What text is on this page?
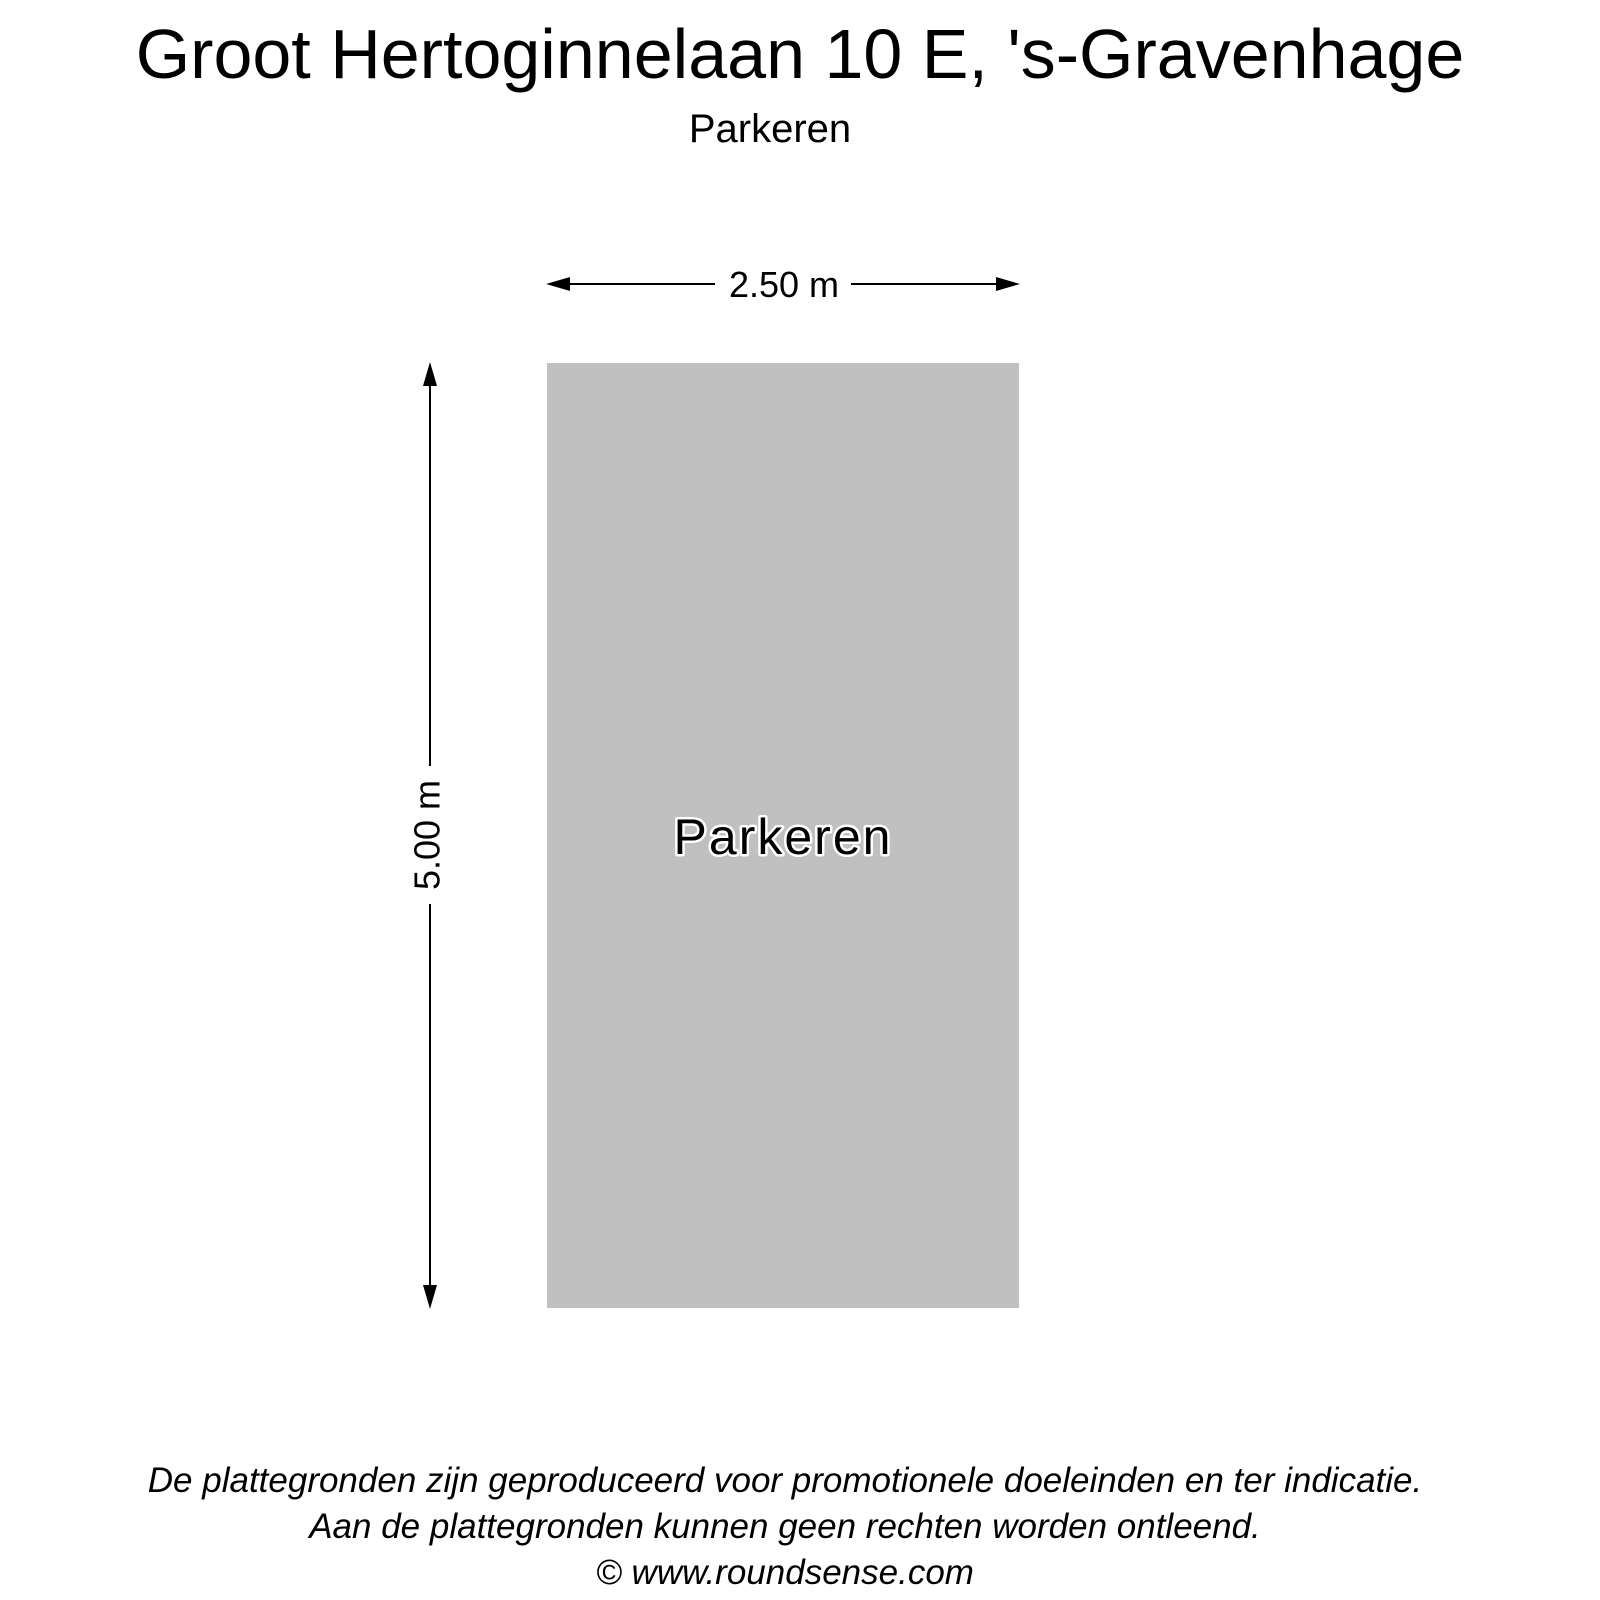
Groot Hertoginnelaan 10 E, 's-Gravenhage
Parkeren
Parkeren
2.50 m
5.00 m
De plattegronden zijn geproduceerd voor promotionele doeleinden en ter indicatie.
Aan de plattegronden kunnen geen rechten worden ontleend.
© www.roundsense.com
